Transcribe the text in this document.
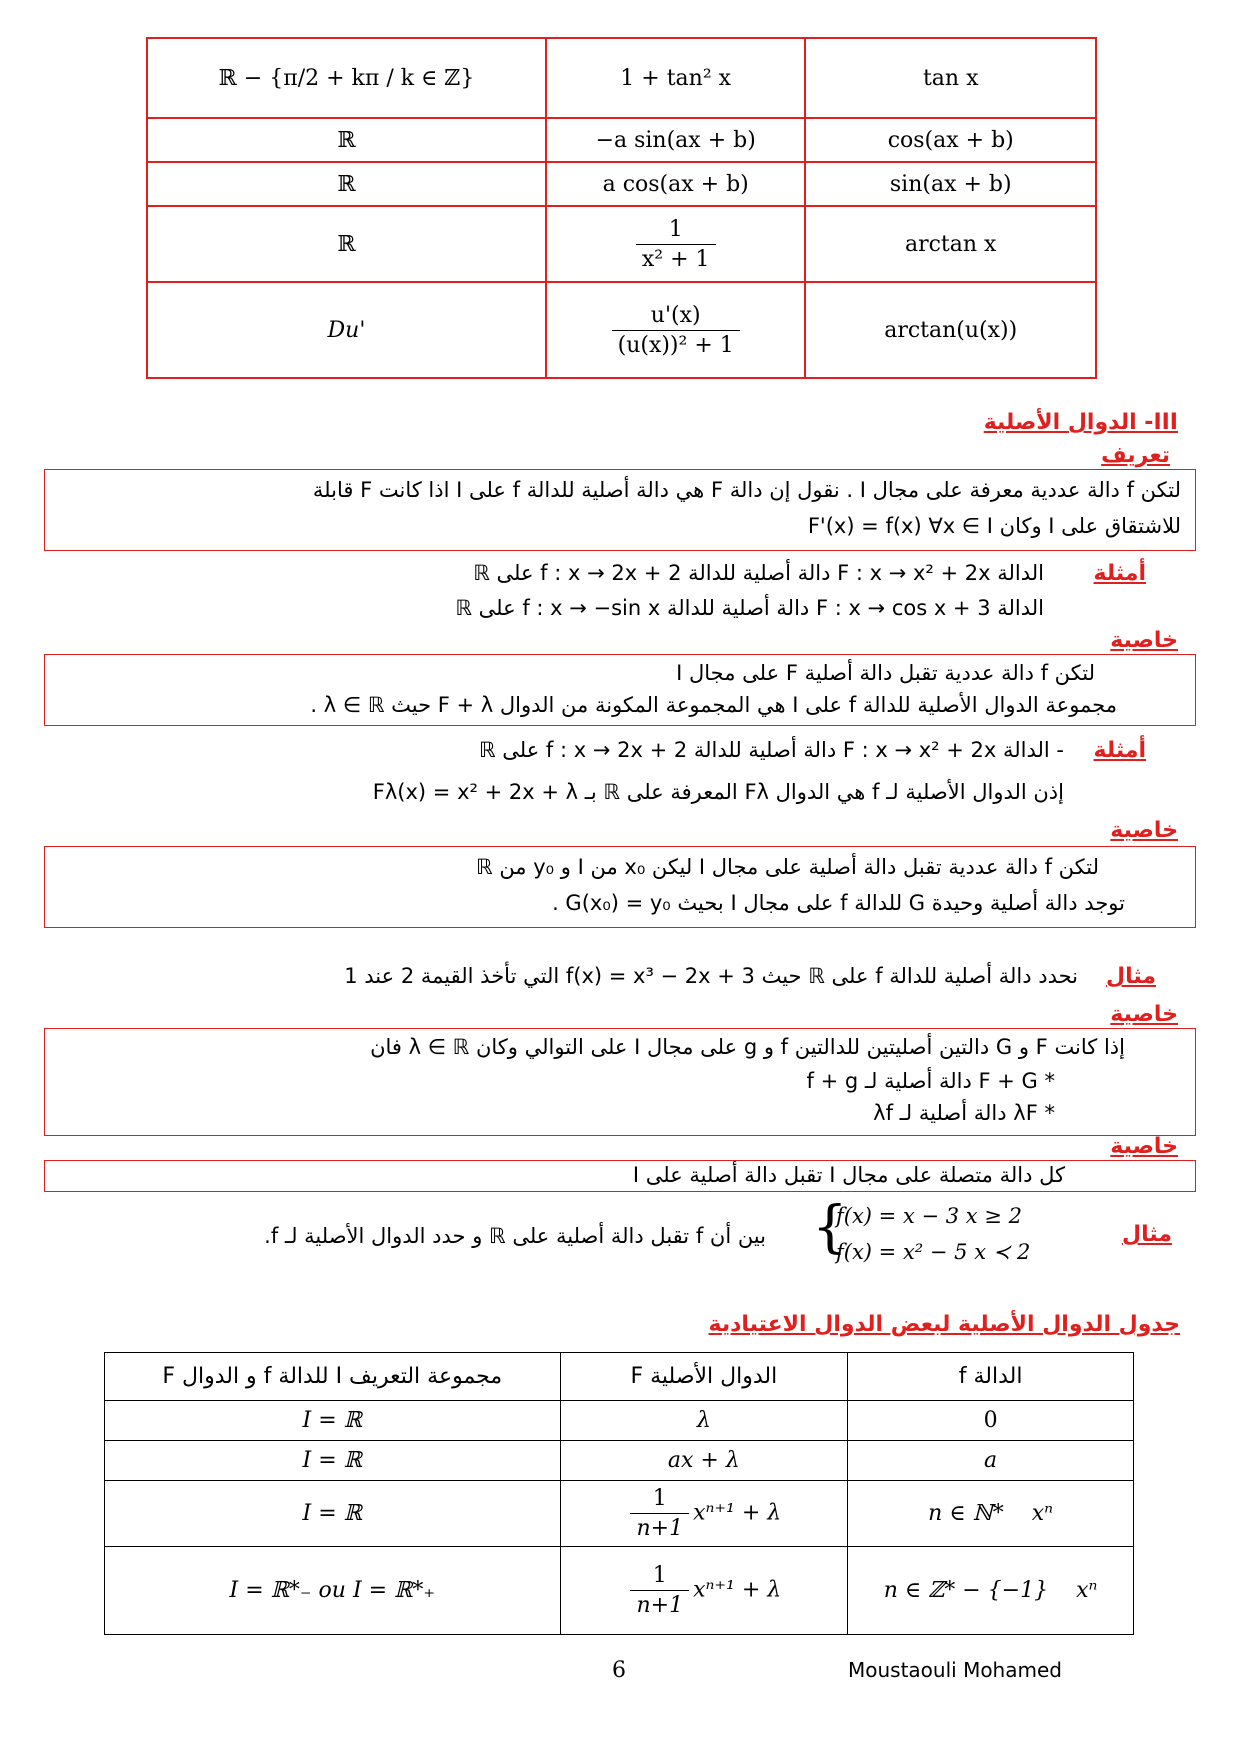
ℝ − {π/2 + kπ / k ∈ ℤ}	1 + tan² x	tan x
ℝ	−a sin(ax + b)	cos(ax + b)
ℝ	a cos(ax + b)	sin(ax + b)
ℝ	$\frac{1}{\text{x² + 1}}$	arctan x
Du'	$\frac{u'(x)}{\text{(u(x))² + 1}}$	arctan(u(x))
III- الدوال الأصلية
تعريف
لتكن f دالة عددية معرفة على مجال I . نقول إن دالة F هي دالة أصلية للدالة f على I اذا كانت F قابلة
للاشتقاق على I وكان F'(x) = f(x) ∀x ∈ I
أمثلة
الدالة F : x → x² + 2x دالة أصلية للدالة f : x → 2x + 2 على ℝ
الدالة F : x → cos x + 3 دالة أصلية للدالة f : x → −sin x على ℝ
خاصية
لتكن f دالة عددية تقبل دالة أصلية F على مجال I
مجموعة الدوال الأصلية للدالة f على I هي المجموعة المكونة من الدوال F + λ حيث λ ∈ ℝ .
أمثلة
- الدالة F : x → x² + 2x دالة أصلية للدالة f : x → 2x + 2 على ℝ
إذن الدوال الأصلية لـ f هي الدوال Fλ المعرفة على ℝ بـ Fλ(x) = x² + 2x + λ
خاصية
لتكن f دالة عددية تقبل دالة أصلية على مجال I ليكن x₀ من I و y₀ من ℝ
توجد دالة أصلية وحيدة G للدالة f على مجال I بحيث G(x₀) = y₀ .
مثال
نحدد دالة أصلية للدالة f على ℝ حيث f(x) = x³ − 2x + 3 التي تأخذ القيمة 2 عند 1
خاصية
إذا كانت F و G دالتين أصليتين للدالتين f و g على مجال I على التوالي وكان λ ∈ ℝ فان
* F + G دالة أصلية لـ f + g
* λF دالة أصلية لـ λf
خاصية
كل دالة متصلة على مجال I تقبل دالة أصلية على I
مثال
{
f(x) = x − 3 x ≥ 2
f(x) = x² − 5 x ≺ 2
بين أن f تقبل دالة أصلية على ℝ و حدد الدوال الأصلية لـ f.
جدول الدوال الأصلية لبعض الدوال الاعتيادية
مجموعة التعريف I للدالة f و الدوال F	الدوال الأصلية F	الدالة f
I = ℝ	λ	0
I = ℝ	ax + λ	a
I = ℝ	$\frac{1}{n+1} x^{n+1} + \lambda$	n ∈ ℕ* xⁿ
I = ℝ*₋ ou I = ℝ*₊	$\frac{1}{n+1} x^{n+1} + \lambda$	n ∈ ℤ* − {−1} xⁿ
6	Moustaouli Mohamed
